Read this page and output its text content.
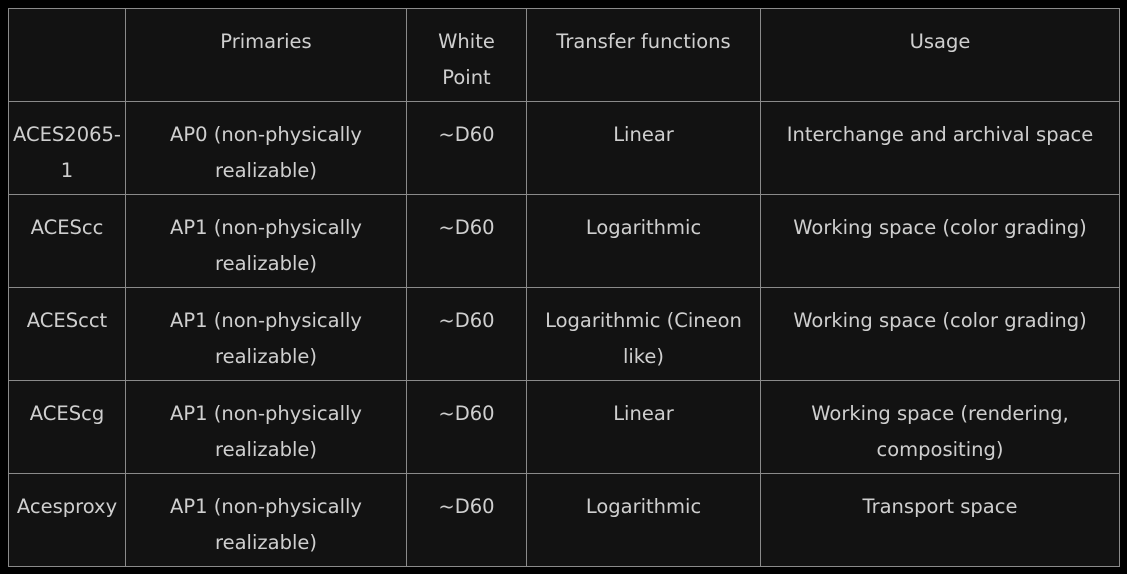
	Primaries	White Point	Transfer functions	Usage
ACES2065-1	AP0 (non-physically realizable)	~D60	Linear	Interchange and archival space
ACEScc	AP1 (non-physically realizable)	~D60	Logarithmic	Working space (color grading)
ACEScct	AP1 (non-physically realizable)	~D60	Logarithmic (Cineon like)	Working space (color grading)
ACEScg	AP1 (non-physically realizable)	~D60	Linear	Working space (rendering, compositing)
Acesproxy	AP1 (non-physically realizable)	~D60	Logarithmic	Transport space
